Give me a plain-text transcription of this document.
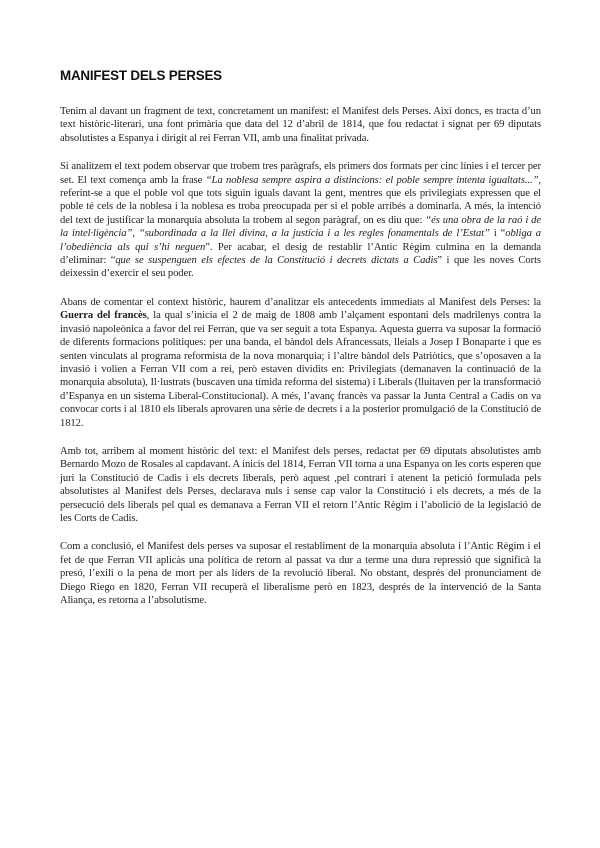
MANIFEST DELS PERSES

Tenim al davant un fragment de text, concretament un manifest: el Manifest dels Perses. Així doncs, es tracta d’un text històric-literari, una font primària que data del 12 d’abril de 1814, que fou redactat i signat per 69 diputats absolutistes a Espanya i dirigit al rei Ferran VII, amb una finalitat privada.

Si analitzem el text podem observar que trobem tres paràgrafs, els primers dos formats per cinc línies i el tercer per set. El text comença amb la frase “La noblesa sempre aspira a distincions: el poble sempre intenta igualtats...”, referint-se a que el poble vol que tots siguin iguals davant la gent, mentres que els privilegiats expressen que el poble té cels de la noblesa i la noblesa es troba preocupada per si el poble arribés a dominarla. A més, la intenció del text de justificar la monarquia absoluta la trobem al segon paràgraf, on es diu que: “és una obra de la raó i de la intel·ligència”, “subordinada a la llei divina, a la justícia i a les regles fonamentals de l’Estat” i “obliga a l’obediència als qui s’hi neguen”. Per acabar, el desig de restablir l’Antic Règim culmina en la demanda d’eliminar: “que se suspenguen els efectes de la Constitució i decrets dictats a Cadis” i que les noves Corts deixessin d’exercir el seu poder.

Abans de comentar el context històric, haurem d’analitzar els antecedents immediats al Manifest dels Perses: la Guerra del francès, la qual s’inicia el 2 de maig de 1808 amb l’alçament espontani dels madrilenys contra la invasió napoleònica a favor del rei Ferran, que va ser seguit a tota Espanya. Aquesta guerra va suposar la formació de diferents formacions polítiques: per una banda, el bàndol dels Afrancessats, lleials a Josep I Bonaparte i que es senten vinculats al programa reformista de la nova monarquia; i l’altre bàndol dels Patriòtics, que s’oposaven a la invasió i volien a Ferran VII com a rei, però estaven dividits en: Privilegiats (demanaven la continuació de la monarquia absoluta), Il·lustrats (buscaven una tímida reforma del sistema) i Liberals (lluitaven per la transformació d’Espanya en un sistema Liberal-Constitucional). A més, l’avanç francès va passar la Junta Central a Cadis on va convocar corts i al 1810 els liberals aprovaren una sèrie de decrets i a la posterior promulgació de la Constitució de 1812.

Amb tot, arribem al moment històric del text: el Manifest dels perses, redactat per 69 diputats absolutistes amb Bernardo Mozo de Rosales al capdavant. A inicis del 1814, Ferran VII torna a una Espanya on les corts esperen que juri la Constitució de Cadis i els decrets liberals, però aquest ,pel contrari i atenent la petició formulada pels absolutistes al Manifest dels Perses, declarava nuls i sense cap valor la Constitució i els decrets, a més de la persecució dels liberals pel qual es demanava a Ferran VII el retorn l’Antic Règim i l’abolició de la legislació de les Corts de Cadis.

Com a conclusió, el Manifest dels perses va suposar el restabliment de la monarquia absoluta i l’Antic Règim i el fet de que Ferran VII aplicàs una política de retorn al passat va dur a terme una dura repressió que significà la presó, l’exili o la pena de mort per als líders de la revolució liberal. No obstant, després del pronunciament de Diego Riego en 1820, Ferran VII recuperà el liberalisme però en 1823, després de la intervenció de la Santa Aliança, es retorna a l’absolutisme.
